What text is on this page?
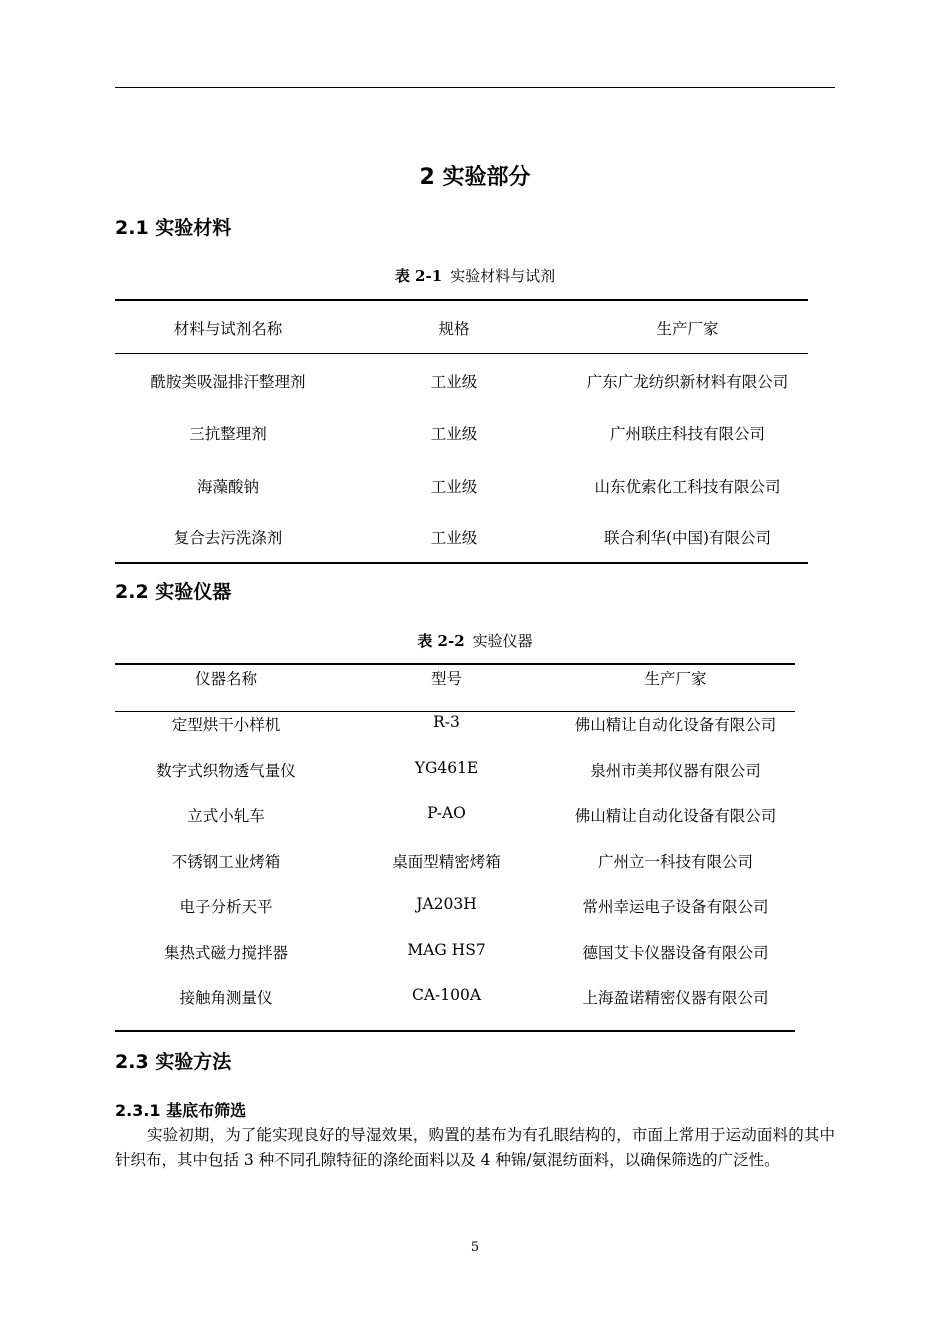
2 实验部分
2.1 实验材料
表 2-1 实验材料与试剂
材料与试剂名称	规格	生产厂家
酰胺类吸湿排汗整理剂	工业级	广东广龙纺织新材料有限公司
三抗整理剂	工业级	广州联庄科技有限公司
海藻酸钠	工业级	山东优索化工科技有限公司
复合去污洗涤剂	工业级	联合利华(中国)有限公司
2.2 实验仪器
表 2-2 实验仪器
仪器名称	型号	生产厂家
定型烘干小样机	R-3	佛山精让自动化设备有限公司
数字式织物透气量仪	YG461E	泉州市美邦仪器有限公司
立式小轧车	P-AO	佛山精让自动化设备有限公司
不锈钢工业烤箱	桌面型精密烤箱	广州立一科技有限公司
电子分析天平	JA203H	常州幸运电子设备有限公司
集热式磁力搅拌器	MAG HS7	德国艾卡仪器设备有限公司
接触角测量仪	CA-100A	上海盈诺精密仪器有限公司
2.3 实验方法
2.3.1 基底布筛选
实验初期，为了能实现良好的导湿效果，购置的基布为有孔眼结构的，市面上常用于运动面料的其中针织布，其中包括 3 种不同孔隙特征的涤纶面料以及 4 种锦/氨混纺面料，以确保筛选的广泛性。
5
